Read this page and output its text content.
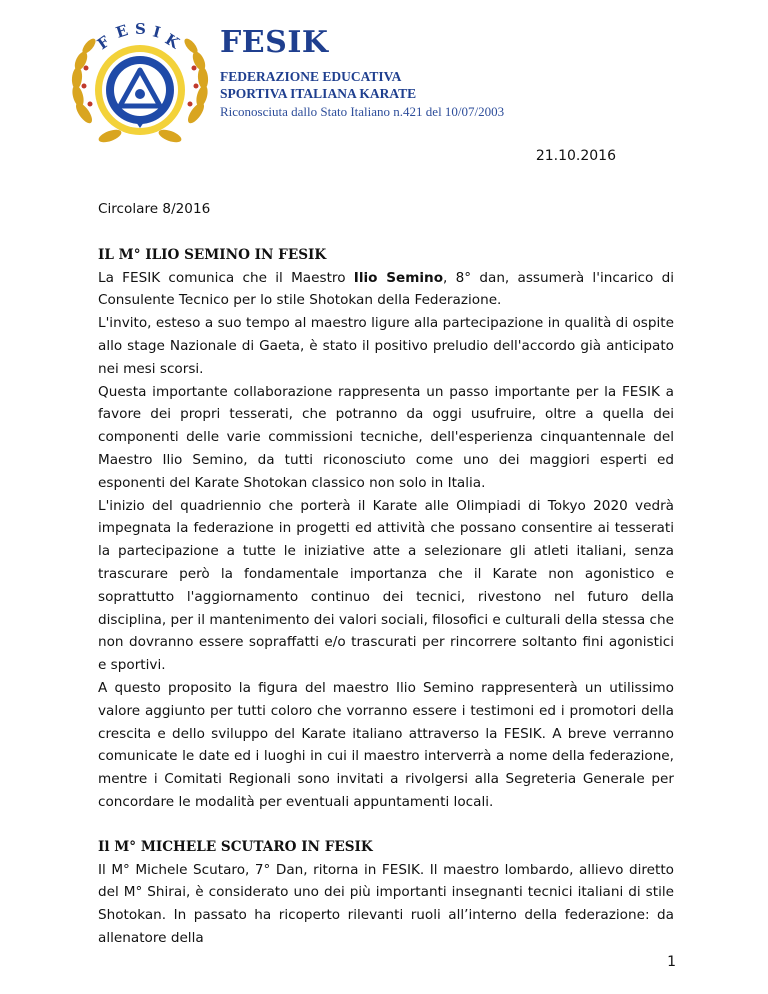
F
E S I K FESIK
FEDERAZIONE EDUCATIVA
SPORTIVA ITALIANA KARATE
Riconosciuta dallo Stato Italiano n.421 del 10/07/2003
21.10.2016

Circolare 8/2016

IL M° ILIO SEMINO IN FESIK

La FESIK comunica che il Maestro Ilio Semino, 8° dan, assumerà l'incarico di Consulente Tecnico per lo stile Shotokan della Federazione.

L'invito, esteso a suo tempo al maestro ligure alla partecipazione in qualità di ospite allo stage Nazionale di Gaeta, è stato il positivo preludio dell'accordo già anticipato nei mesi scorsi.

Questa importante collaborazione rappresenta un passo importante per la FESIK a favore dei propri tesserati, che potranno da oggi usufruire, oltre a quella dei componenti delle varie commissioni tecniche, dell'esperienza cinquantennale del Maestro Ilio Semino, da tutti riconosciuto come uno dei maggiori esperti ed esponenti del Karate Shotokan classico non solo in Italia.

L'inizio del quadriennio che porterà il Karate alle Olimpiadi di Tokyo 2020 vedrà impegnata la federazione in progetti ed attività che possano consentire ai tesserati la partecipazione a tutte le iniziative atte a selezionare gli atleti italiani, senza trascurare però la fondamentale importanza che il Karate non agonistico e soprattutto l'aggiornamento continuo dei tecnici, rivestono nel futuro della disciplina, per il mantenimento dei valori sociali, filosofici e culturali della stessa che non dovranno essere sopraffatti e/o trascurati per rincorrere soltanto fini agonistici e sportivi.

A questo proposito la figura del maestro Ilio Semino rappresenterà un utilissimo valore aggiunto per tutti coloro che vorranno essere i testimoni ed i promotori della crescita e dello sviluppo del Karate italiano attraverso la FESIK. A breve verranno comunicate le date ed i luoghi in cui il maestro interverrà a nome della federazione, mentre i Comitati Regionali sono invitati a rivolgersi alla Segreteria Generale per concordare le modalità per eventuali appuntamenti locali.

Il M° MICHELE SCUTARO IN FESIK

Il M° Michele Scutaro, 7° Dan, ritorna in FESIK. Il maestro lombardo, allievo diretto del M° Shirai, è considerato uno dei più importanti insegnanti tecnici italiani di stile Shotokan. In passato ha ricoperto rilevanti ruoli all’interno della federazione: da allenatore della

1
